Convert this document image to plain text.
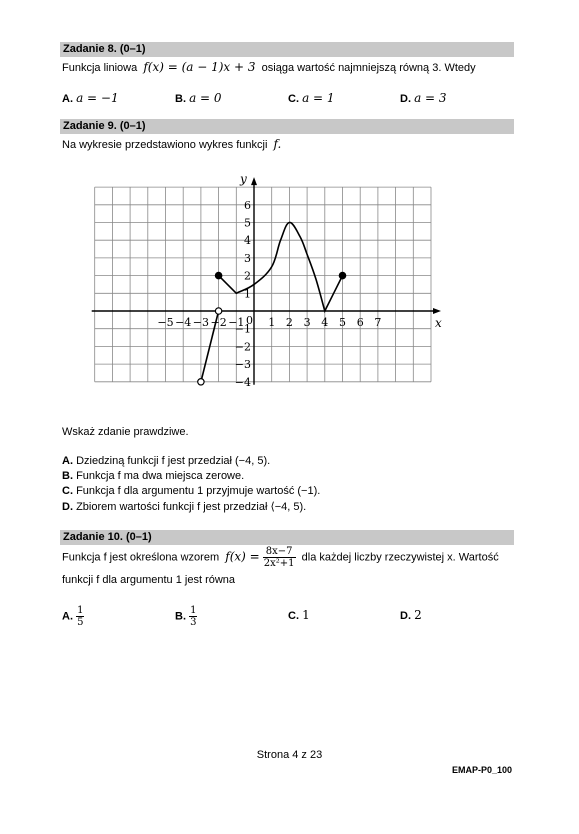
Zadanie 8. (0–1)
Funkcja liniowa f(x) = (a − 1)x + 3 osiąga wartość najmniejszą równą 3. Wtedy
A. a = −1	B. a = 0	C. a = 1	D. a = 3
Zadanie 9. (0–1)
Na wykresie przedstawiono wykres funkcji f.
x
y
0
−5 −4 −3 −2 −1 1 2 3 4 5 6 7
6
5
4
3
2
1
−1
−2
−3
−4
Wskaż zdanie prawdziwe.
A. Dziedziną funkcji f jest przedział (−4, 5).
B. Funkcja f ma dwa miejsca zerowe.
C. Funkcja f dla argumentu 1 przyjmuje wartość (−1).
D. Zbiorem wartości funkcji f jest przedział ⟨−4, 5).
Zadanie 10. (0–1)
Funkcja f jest określona wzorem $f(x) = \frac{8x-7}{\text{2x²+1}}$ dla każdej liczby rzeczywistej x. Wartość
funkcji f dla argumentu 1 jest równa
A. $\frac{1}{5}$	B. $\frac{1}{3}$	C. 1	D. 2
Strona 4 z 23
EMAP-P0_100
